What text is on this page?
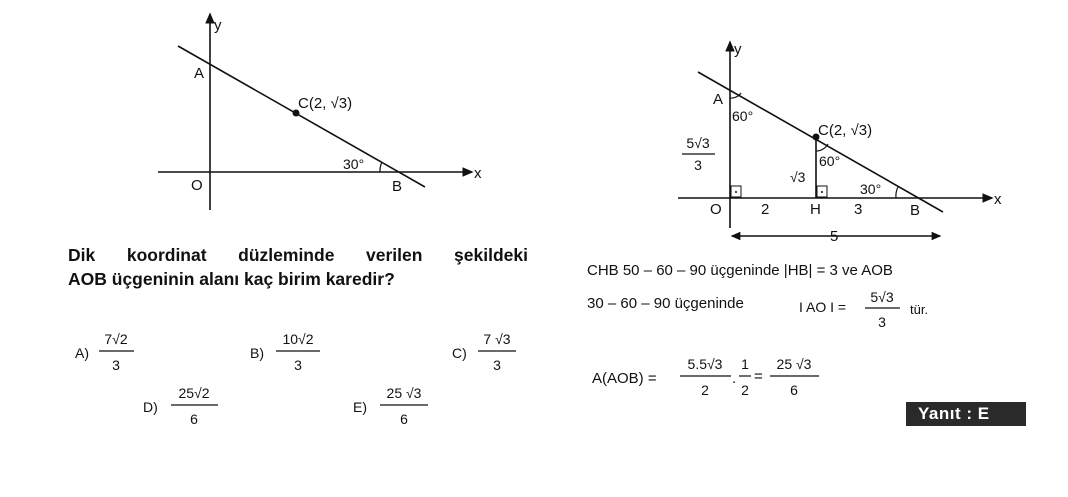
y
x
A
C(2, √3)
30°
O	B
Dik koordinat düzleminde verilen şekildeki
AOB üçgeninin alanı kaç birim karedir?
A)
7√2
3
B)
10√2
3
C)
7 √3
3
D)
25√2
6
E)
25 √3
6
y
x
A
60°
C(2, √3)
60°
√3
5√3
3
30°
O	2	H 3	B
5
CHB 50 – 60 – 90 üçgeninde |HB| = 3 ve AOB
30 – 60 – 90 üçgeninde	I AO I =
5√3
3
tür.
A(AOB) =
5.5√3
2
.
1
2
=
25 √3
6
Yanıt : E
